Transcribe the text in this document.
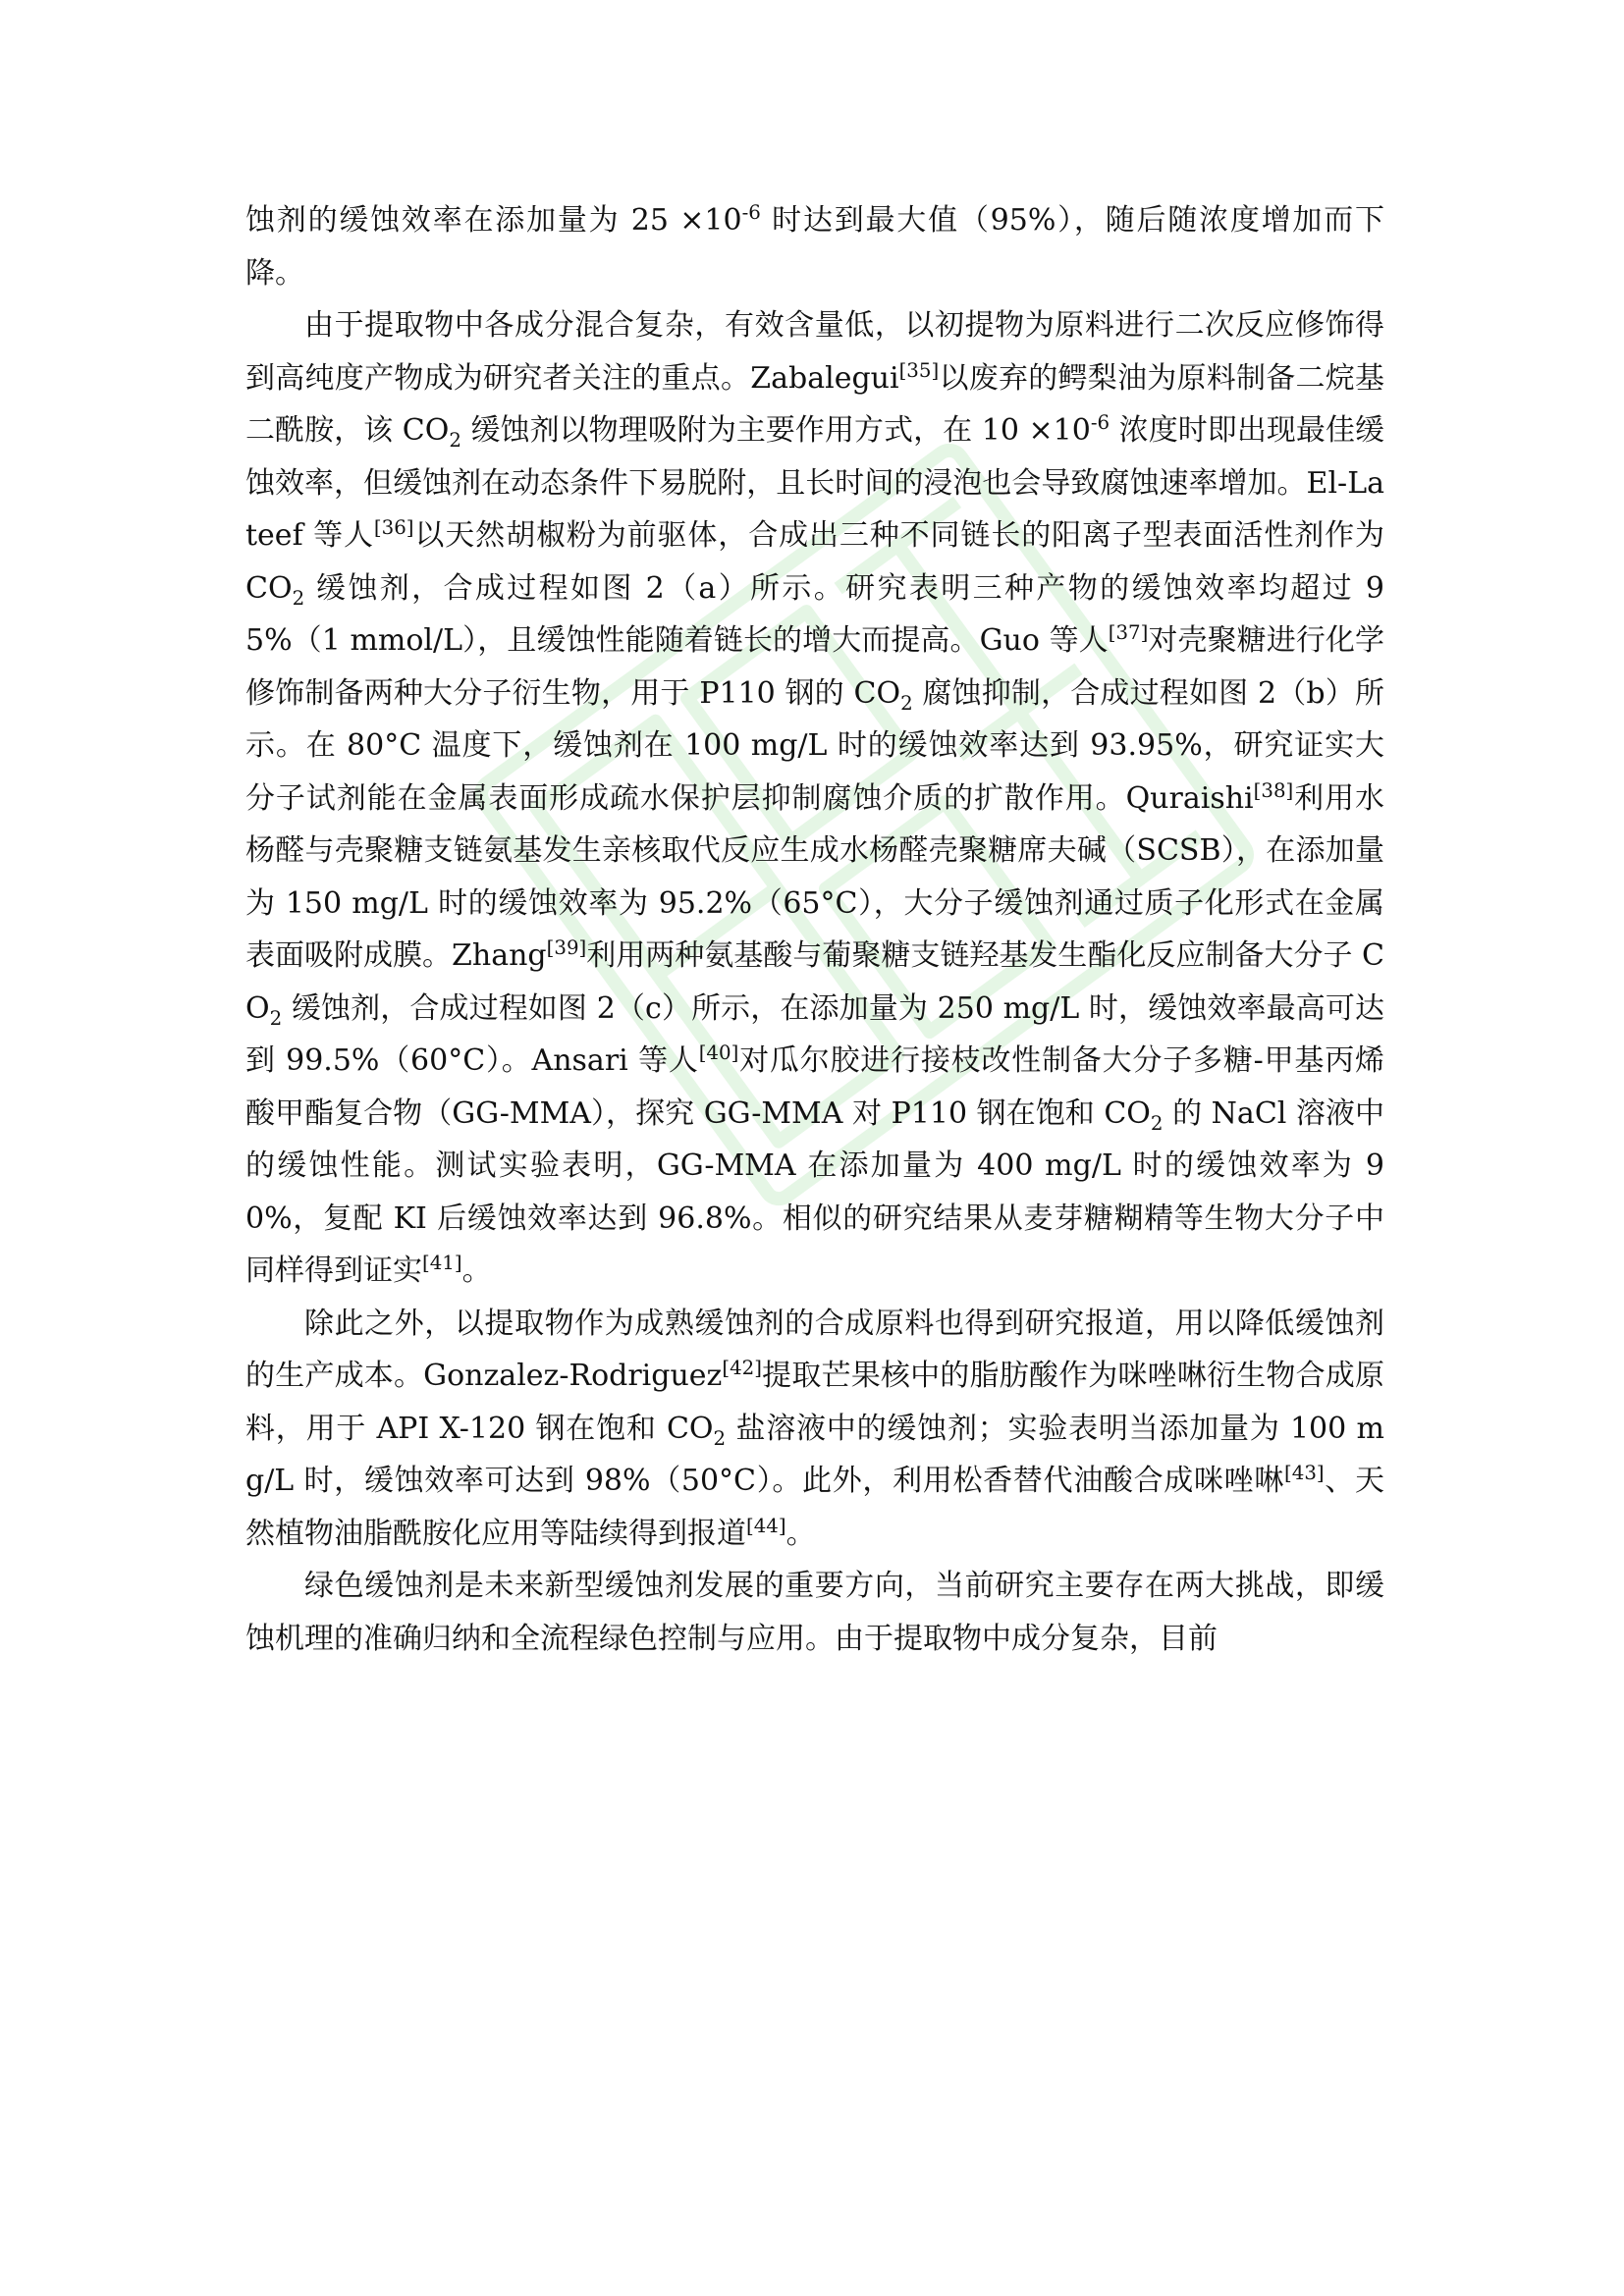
蚀剂的缓蚀效率在添加量为 25 ×10$^{-6}$ 时达到最大值（95%），随后随浓度增加而下降。

由于提取物中各成分混合复杂，有效含量低，以初提物为原料进行二次反应修饰得到高纯度产物成为研究者关注的重点。Zabalegui[35]以废弃的鳄梨油为原料制备二烷基二酰胺，该 $CO_2$ 缓蚀剂以物理吸附为主要作用方式，在 10 ×10$^{-6}$ 浓度时即出现最佳缓蚀效率，但缓蚀剂在动态条件下易脱附，且长时间的浸泡也会导致腐蚀速率增加。El-Lateef 等人[36]以天然胡椒粉为前驱体，合成出三种不同链长的阳离子型表面活性剂作为 $CO_2$ 缓蚀剂，合成过程如图 2（a）所示。研究表明三种产物的缓蚀效率均超过 95%（1 mmol/L），且缓蚀性能随着链长的增大而提高。Guo 等人[37]对壳聚糖进行化学修饰制备两种大分子衍生物，用于 P110 钢的 $CO_2$ 腐蚀抑制，合成过程如图 2（b）所示。在 80°C 温度下，缓蚀剂在 100 mg/L 时的缓蚀效率达到 93.95%，研究证实大分子试剂能在金属表面形成疏水保护层抑制腐蚀介质的扩散作用。Quraishi[38]利用水杨醛与壳聚糖支链氨基发生亲核取代反应生成水杨醛壳聚糖席夫碱（SCSB），在添加量为 150 mg/L 时的缓蚀效率为 95.2%（65°C），大分子缓蚀剂通过质子化形式在金属表面吸附成膜。Zhang[39]利用两种氨基酸与葡聚糖支链羟基发生酯化反应制备大分子 $CO_2$ 缓蚀剂，合成过程如图 2（c）所示，在添加量为 250 mg/L 时，缓蚀效率最高可达到 99.5%（60°C）。Ansari 等人[40]对瓜尔胶进行接枝改性制备大分子多糖-甲基丙烯酸甲酯复合物（GG-MMA），探究 GG-MMA 对 P110 钢在饱和 $CO_2$ 的 NaCl 溶液中的缓蚀性能。测试实验表明，GG-MMA 在添加量为 400 mg/L 时的缓蚀效率为 90%，复配 KI 后缓蚀效率达到 96.8%。相似的研究结果从麦芽糖糊精等生物大分子中同样得到证实[41]。

除此之外，以提取物作为成熟缓蚀剂的合成原料也得到研究报道，用以降低缓蚀剂的生产成本。Gonzalez-Rodriguez[42]提取芒果核中的脂肪酸作为咪唑啉衍生物合成原料，用于 API X-120 钢在饱和 $CO_2$ 盐溶液中的缓蚀剂；实验表明当添加量为 100 mg/L 时，缓蚀效率可达到 98%（50°C）。此外，利用松香替代油酸合成咪唑啉[43]、天然植物油脂酰胺化应用等陆续得到报道[44]。

绿色缓蚀剂是未来新型缓蚀剂发展的重要方向，当前研究主要存在两大挑战，即缓蚀机理的准确归纳和全流程绿色控制与应用。由于提取物中成分复杂，目前
